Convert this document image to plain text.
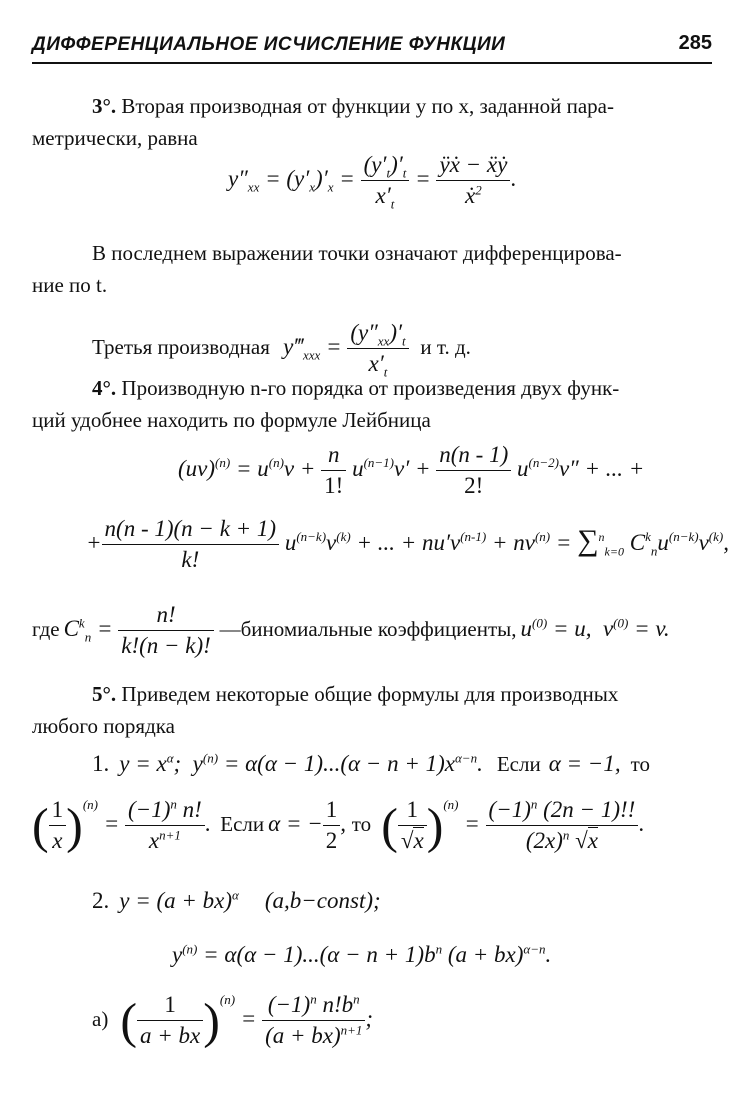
ДИФФЕРЕНЦИАЛЬНОЕ ИСЧИСЛЕНИЕ ФУНКЦИИ	285
3°. Вторая производная от функции y по x, заданной пара-
метрически, равна
$y''_{xx} = (y'_x)'_x = \frac{(y'_t)'_t}{x'_t} = \frac{\text{ÿẋ − ẍẏ}}{ẋ^2}$ .
В последнем выражении точки означают дифференцирова-
ние по t.
Третья производная $y‴_{xxx} = \frac{(y''_{xx})'_t}{x'_t}$ и т. д.
4°. Производную n-го порядка от произведения двух функ-
ций удобнее находить по формуле Лейбница
$(uv)^{(n)} = u^{(n)}v + \frac{n}{1!} u^{(n-1)}v' + \frac{n(n - 1)}{2!} u^{(n-2)}v''$ + ... +
+ $\frac{n(n - 1)(n - k + 1)}{k!} u^{(n-k)}v^{(k)}$ + ... + $nu'v^{(n-1)} + nv^{(n)} = \sum^n_{k=0}$ $C^k_nu^{(n-k)}v^{(k)}$,
где $C^k_n = \frac{n!}{k!(n - k)!}$ —биномиальные коэффициенты, $u^{(0)} = u$,  $v^{(0)} = v$.
5°. Приведем некоторые общие формулы для производных
любого порядка
1. $y = x^\alpha$;  $y^{(n)} = \alpha(\alpha - 1)...(\alpha - n + 1)x^{\alpha-n}$. Если α = −1, то
( $\frac{1}{x} )^{(n)} = \frac{(-1)^n n!}{x^{n+1}}$ . Если α = − $\frac{1}{2}$ , то ( $\frac{1}{√x} )^{(n)} = \frac{(-1)^n (2n - 1)!!}{(2x)^n √x}$ .
2. y = (a + bx)$^\alpha$ (a,b−const);
$y^{(n)} = \alpha(\alpha - 1)...(\alpha - n + 1)b^n$ (a + bx)$^{\alpha-n}$.
а) ( $\frac{1}{a + bx} )^{(n)} = \frac{(-1)^n n!b^n}{(a + bx)^{n+1}}$ ;
